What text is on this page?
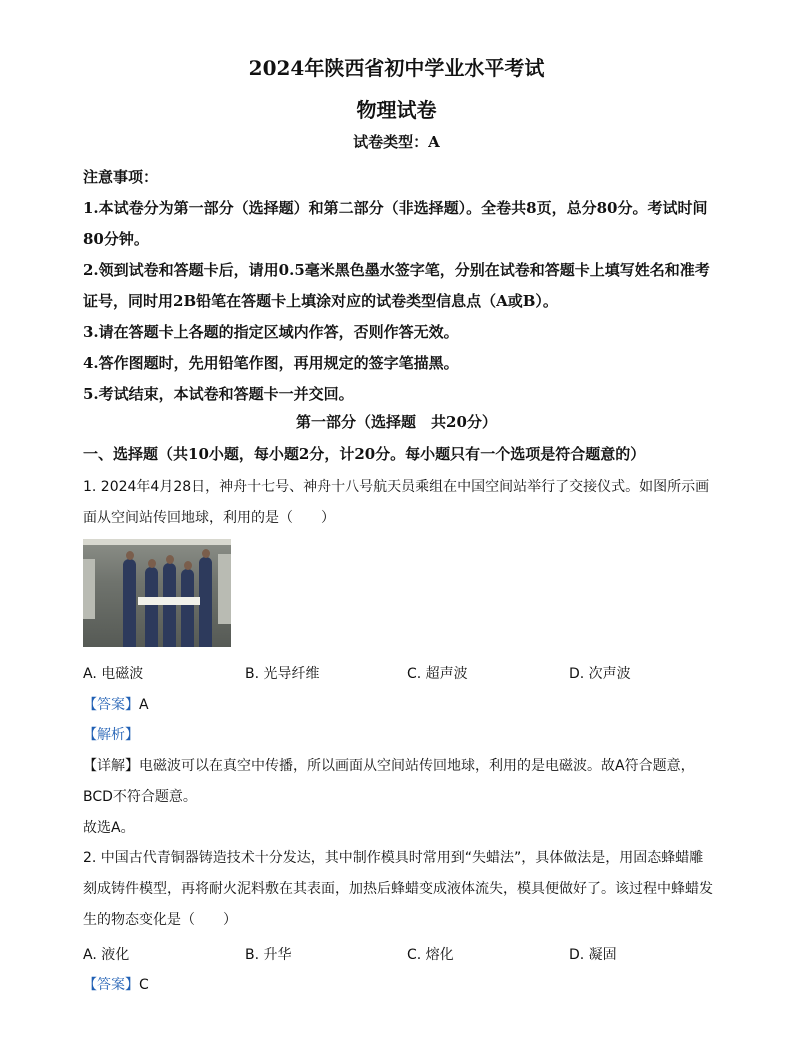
2024年陕西省初中学业水平考试
物理试卷
试卷类型：A

注意事项：

1.本试卷分为第一部分（选择题）和第二部分（非选择题）。全卷共8页，总分80分。考试时间80分钟。

2.领到试卷和答题卡后，请用0.5毫米黑色墨水签字笔，分别在试卷和答题卡上填写姓名和准考证号，同时用2B铅笔在答题卡上填涂对应的试卷类型信息点（A或B）。

3.请在答题卡上各题的指定区域内作答，否则作答无效。

4.答作图题时，先用铅笔作图，再用规定的签字笔描黑。

5.考试结束，本试卷和答题卡一并交回。

第一部分（选择题　共20分）
一、选择题（共10小题，每小题2分，计20分。每小题只有一个选项是符合题意的）
1. 2024年4月28日，神舟十七号、神舟十八号航天员乘组在中国空间站举行了交接仪式。如图所示画面从空间站传回地球，利用的是（　　）
A. 电磁波	B. 光导纤维	C. 超声波	D. 次声波
【答案】A
【解析】
【详解】电磁波可以在真空中传播，所以画面从空间站传回地球，利用的是电磁波。故A符合题意，BCD不符合题意。
故选A。
2. 中国古代青铜器铸造技术十分发达，其中制作模具时常用到“失蜡法”，具体做法是，用固态蜂蜡雕刻成铸件模型，再将耐火泥料敷在其表面，加热后蜂蜡变成液体流失，模具便做好了。该过程中蜂蜡发生的物态变化是（　　）
A. 液化	B. 升华	C. 熔化	D. 凝固
【答案】C
